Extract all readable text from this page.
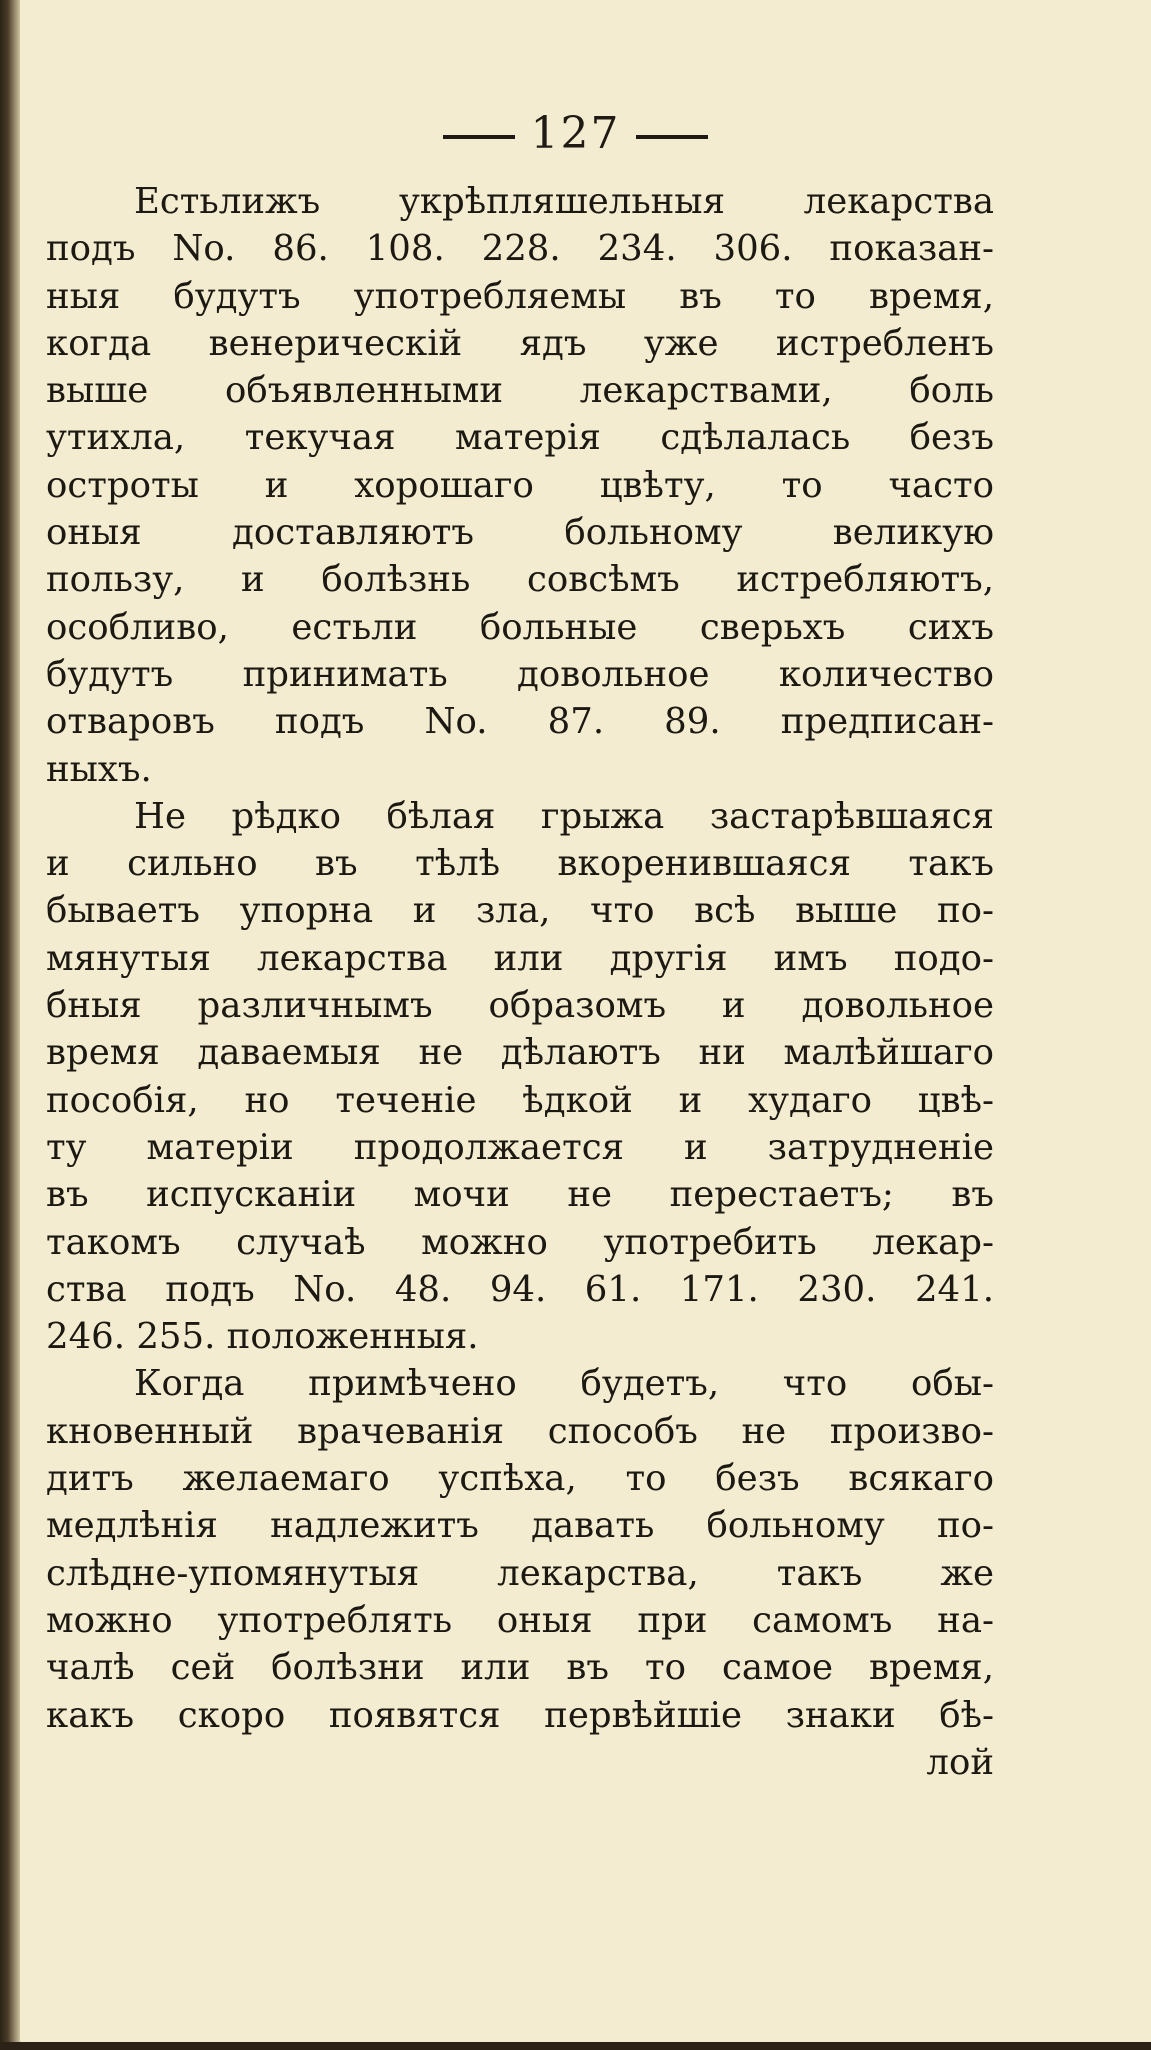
127
Естьлижъ укрѣпляшельныя лекарства
подъ No. 86. 108. 228. 234. 306. показан-
ныя будутъ употребляемы въ то время,
когда венерическій ядъ уже истребленъ
выше объявленными лекарствами, боль
утихла, текучая матерія сдѣлалась безъ
остроты и хорошаго цвѣту, то часто
оныя доставляютъ больному великую
пользу, и болѣзнь совсѣмъ истребляютъ,
особливо, естьли больные сверьхъ сихъ
будутъ принимать довольное количество
отваровъ подъ No. 87. 89. предписан-
ныхъ.
Не рѣдко бѣлая грыжа застарѣвшаяся
и сильно въ тѣлѣ вкоренившаяся такъ
бываетъ упорна и зла, что всѣ выше по-
мянутыя лекарства или другія имъ подо-
бныя различнымъ образомъ и довольное
время даваемыя не дѣлаютъ ни малѣйшаго
пособія, но теченіе ѣдкой и худаго цвѣ-
ту матеріи продолжается и затрудненіе
въ испусканіи мочи не перестаетъ; въ
такомъ случаѣ можно употребить лекар-
ства подъ No. 48. 94. 61. 171. 230. 241.
246. 255. положенныя.
Когда примѣчено будетъ, что обы-
кновенный врачеванія способъ не произво-
дитъ желаемаго успѣха, то безъ всякаго
медлѣнія надлежитъ давать больному по-
слѣдне-упомянутыя лекарства, такъ же
можно употреблять оныя при самомъ на-
чалѣ сей болѣзни или въ то самое время,
какъ скоро появятся первѣйшіе знаки бѣ-
лой
